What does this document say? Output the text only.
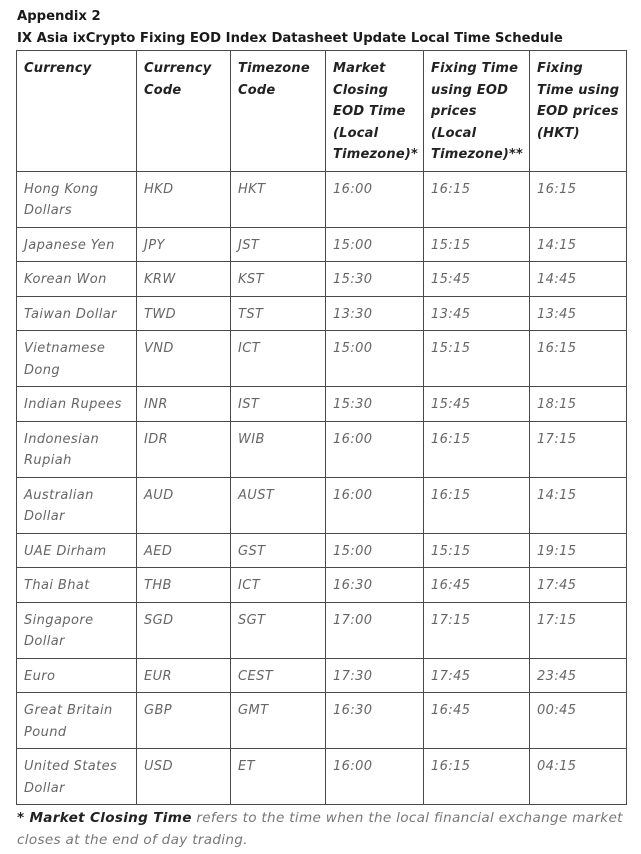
Appendix 2
IX Asia ixCrypto Fixing EOD Index Datasheet Update Local Time Schedule
Currency	Currency Code	Timezone Code	Market Closing EOD Time (Local Timezone)*	Fixing Time using EOD prices (Local Timezone)**	Fixing Time using EOD prices (HKT)
Hong Kong Dollars	HKD	HKT	16:00	16:15	16:15
Japanese Yen	JPY	JST	15:00	15:15	14:15
Korean Won	KRW	KST	15:30	15:45	14:45
Taiwan Dollar	TWD	TST	13:30	13:45	13:45
Vietnamese Dong	VND	ICT	15:00	15:15	16:15
Indian Rupees	INR	IST	15:30	15:45	18:15
Indonesian Rupiah	IDR	WIB	16:00	16:15	17:15
Australian Dollar	AUD	AUST	16:00	16:15	14:15
UAE Dirham	AED	GST	15:00	15:15	19:15
Thai Bhat	THB	ICT	16:30	16:45	17:45
Singapore Dollar	SGD	SGT	17:00	17:15	17:15
Euro	EUR	CEST	17:30	17:45	23:45
Great Britain Pound	GBP	GMT	16:30	16:45	00:45
United States Dollar	USD	ET	16:00	16:15	04:15
* Market Closing Time refers to the time when the local financial exchange market closes at the end of day trading.
